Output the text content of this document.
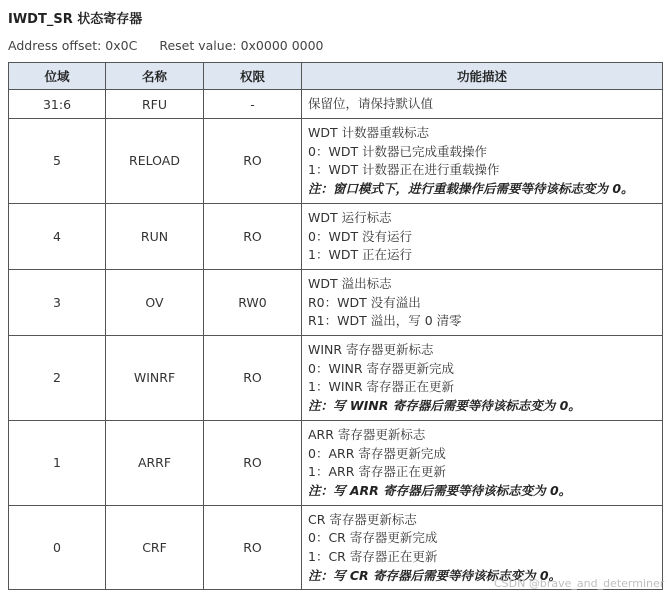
IWDT_SR 状态寄存器
Address offset: 0x0C Reset value: 0x0000 0000
位域	名称	权限	功能描述
31:6	RFU	-	保留位，请保持默认值

5	RELOAD	RO	WDT 计数器重载标志
0：WDT 计数器已完成重载操作
1：WDT 计数器正在进行重载操作
注：窗口模式下，进行重载操作后需要等待该标志变为 0。

4	RUN	RO	WDT 运行标志
0：WDT 没有运行
1：WDT 正在运行

3	OV	RW0	WDT 溢出标志
R0：WDT 没有溢出
R1：WDT 溢出，写 0 清零

2	WINRF	RO	WINR 寄存器更新标志
0：WINR 寄存器更新完成
1：WINR 寄存器正在更新
注：写 WINR 寄存器后需要等待该标志变为 0。

1	ARRF	RO	ARR 寄存器更新标志
0：ARR 寄存器更新完成
1：ARR 寄存器正在更新
注：写 ARR 寄存器后需要等待该标志变为 0。

0	CRF	RO	CR 寄存器更新标志
0：CR 寄存器更新完成
1：CR 寄存器正在更新
注：写 CR 寄存器后需要等待该标志变为 0。
CSDN @brave_and_determiner
